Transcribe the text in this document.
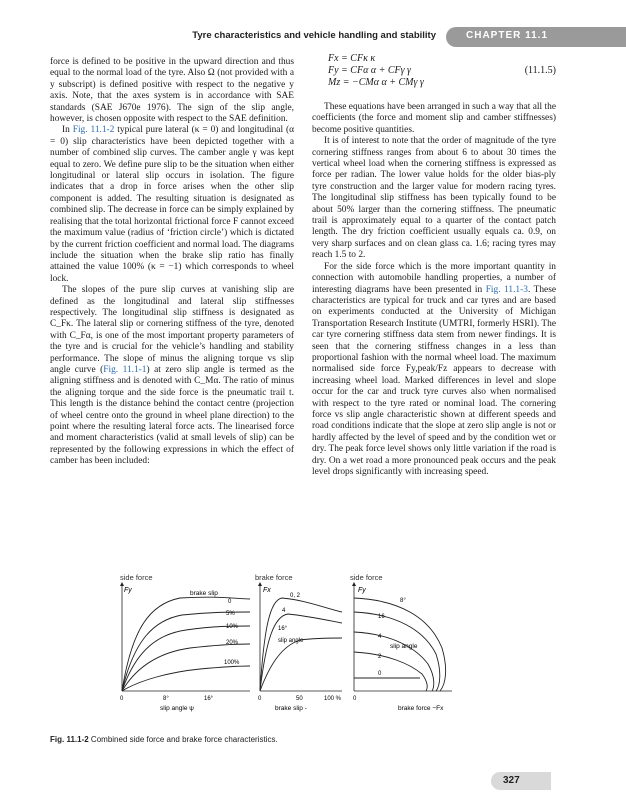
Tyre characteristics and vehicle handling and stability	CHAPTER 11.1

force is defined to be positive in the upward direction and thus equal to the normal load of the tyre. Also Ω (not provided with a y subscript) is defined positive with respect to the negative y axis. Note, that the axes system is in accordance with SAE standards (SAE J670e 1976). The sign of the slip angle, however, is chosen opposite with respect to the SAE definition.

In Fig. 11.1-2 typical pure lateral (κ = 0) and longitudinal (α = 0) slip characteristics have been depicted together with a number of combined slip curves. The camber angle γ was kept equal to zero. We define pure slip to be the situation when either longitudinal or lateral slip occurs in isolation. The figure indicates that a drop in force arises when the other slip component is added. The resulting situation is designated as combined slip. The decrease in force can be simply explained by realising that the total horizontal frictional force F cannot exceed the maximum value (radius of ‘friction circle’) which is dictated by the current friction coefficient and normal load. The diagrams include the situation when the brake slip ratio has finally attained the value 100% (κ = −1) which corresponds to wheel lock.

The slopes of the pure slip curves at vanishing slip are defined as the longitudinal and lateral slip stiffnesses respectively. The longitudinal slip stiffness is designated as C_Fκ. The lateral slip or cornering stiffness of the tyre, denoted with C_Fα, is one of the most important property parameters of the tyre and is crucial for the vehicle’s handling and stability performance. The slope of minus the aligning torque vs slip angle curve (Fig. 11.1-1) at zero slip angle is termed as the aligning stiffness and is denoted with C_Mα. The ratio of minus the aligning torque and the side force is the pneumatic trail t. This length is the distance behind the contact centre (projection of wheel centre onto the ground in wheel plane direction) to the point where the resulting lateral force acts. The linearised force and moment characteristics (valid at small levels of slip) can be represented by the following expressions in which the effect of camber has been included:

Fx = CFκ κ
Fy = CFα α + CFγ γ
Mz = −CMα α + CMγ γ
(11.1.5)

These equations have been arranged in such a way that all the coefficients (the force and moment slip and camber stiffnesses) become positive quantities.

It is of interest to note that the order of magnitude of the tyre cornering stiffness ranges from about 6 to about 30 times the vertical wheel load when the cornering stiffness is expressed as force per radian. The lower value holds for the older bias-ply tyre construction and the larger value for modern racing tyres. The longitudinal slip stiffness has been typically found to be about 50% larger than the cornering stiffness. The pneumatic trail is approximately equal to a quarter of the contact patch length. The dry friction coefficient usually equals ca. 0.9, on very sharp surfaces and on clean glass ca. 1.6; racing tyres may reach 1.5 to 2.

For the side force which is the more important quantity in connection with automobile handling properties, a number of interesting diagrams have been presented in Fig. 11.1-3. These characteristics are typical for truck and car tyres and are based on experiments conducted at the University of Michigan Transportation Research Institute (UMTRI, formerly HSRI). The car tyre cornering stiffness data stem from newer findings. It is seen that the cornering stiffness changes in a less than proportional fashion with the normal wheel load. The maximum normalised side force Fy,peak/Fz appears to decrease with increasing wheel load. Marked differences in level and slope occur for the car and truck tyre curves also when normalised with respect to the tyre rated or nominal load. The cornering force vs slip angle characteristic shown at different speeds and road conditions indicate that the slope at zero slip angle is not or hardly affected by the level of speed and by the condition wet or dry. The peak force level shows only little variation if the road is dry. On a wet road a more pronounced peak occurs and the peak level drops significantly with increasing speed.

side force
Fy	brake slip
0
5%
10%
20%
100%
0	8°	16°
slip angle ψ
brake force
Fx
0, 2
4
16°
slip angle
0	50	100 %
brake slip -
side force
Fy
8°
16
4
2
0
slip angle
0
brake force −Fx
Fig. 11.1-2 Combined side force and brake force characteristics.
327
